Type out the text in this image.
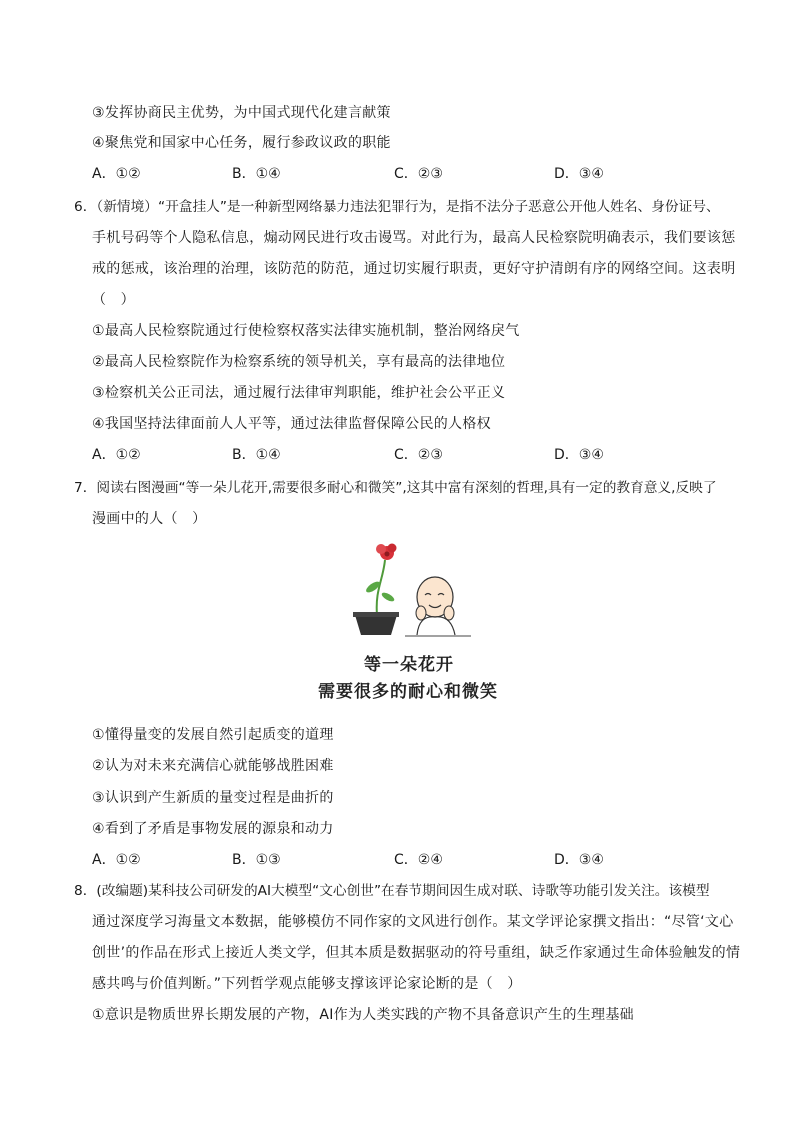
③发挥协商民主优势，为中国式现代化建言献策
④聚焦党和国家中心任务，履行参政议政的职能
A．①②	B．①④	C．②③	D．③④
6．（新情境）“开盒挂人”是一种新型网络暴力违法犯罪行为，是指不法分子恶意公开他人姓名、身份证号、
手机号码等个人隐私信息，煽动网民进行攻击谩骂。对此行为，最高人民检察院明确表示，我们要该惩
戒的惩戒，该治理的治理，该防范的防范，通过切实履行职责，更好守护清朗有序的网络空间。这表明
（　）
①最高人民检察院通过行使检察权落实法律实施机制，整治网络戾气
②最高人民检察院作为检察系统的领导机关，享有最高的法律地位
③检察机关公正司法，通过履行法律审判职能，维护社会公平正义
④我国坚持法律面前人人平等，通过法律监督保障公民的人格权
A．①②	B．①④	C．②③	D．③④
7．阅读右图漫画“等一朵儿花开,需要很多耐心和微笑”,这其中富有深刻的哲理,具有一定的教育意义,反映了
漫画中的人（　）
等一朵花开
需要很多的耐心和微笑
①懂得量变的发展自然引起质变的道理
②认为对未来充满信心就能够战胜困难
③认识到产生新质的量变过程是曲折的
④看到了矛盾是事物发展的源泉和动力
A．①②	B．①③	C．②④	D．③④
8．(改编题)某科技公司研发的AI大模型“文心创世”在春节期间因生成对联、诗歌等功能引发关注。该模型
通过深度学习海量文本数据，能够模仿不同作家的文风进行创作。某文学评论家撰文指出：“尽管‘文心
创世’的作品在形式上接近人类文学，但其本质是数据驱动的符号重组，缺乏作家通过生命体验触发的情
感共鸣与价值判断。”下列哲学观点能够支撑该评论家论断的是（　）
①意识是物质世界长期发展的产物，AI作为人类实践的产物不具备意识产生的生理基础
